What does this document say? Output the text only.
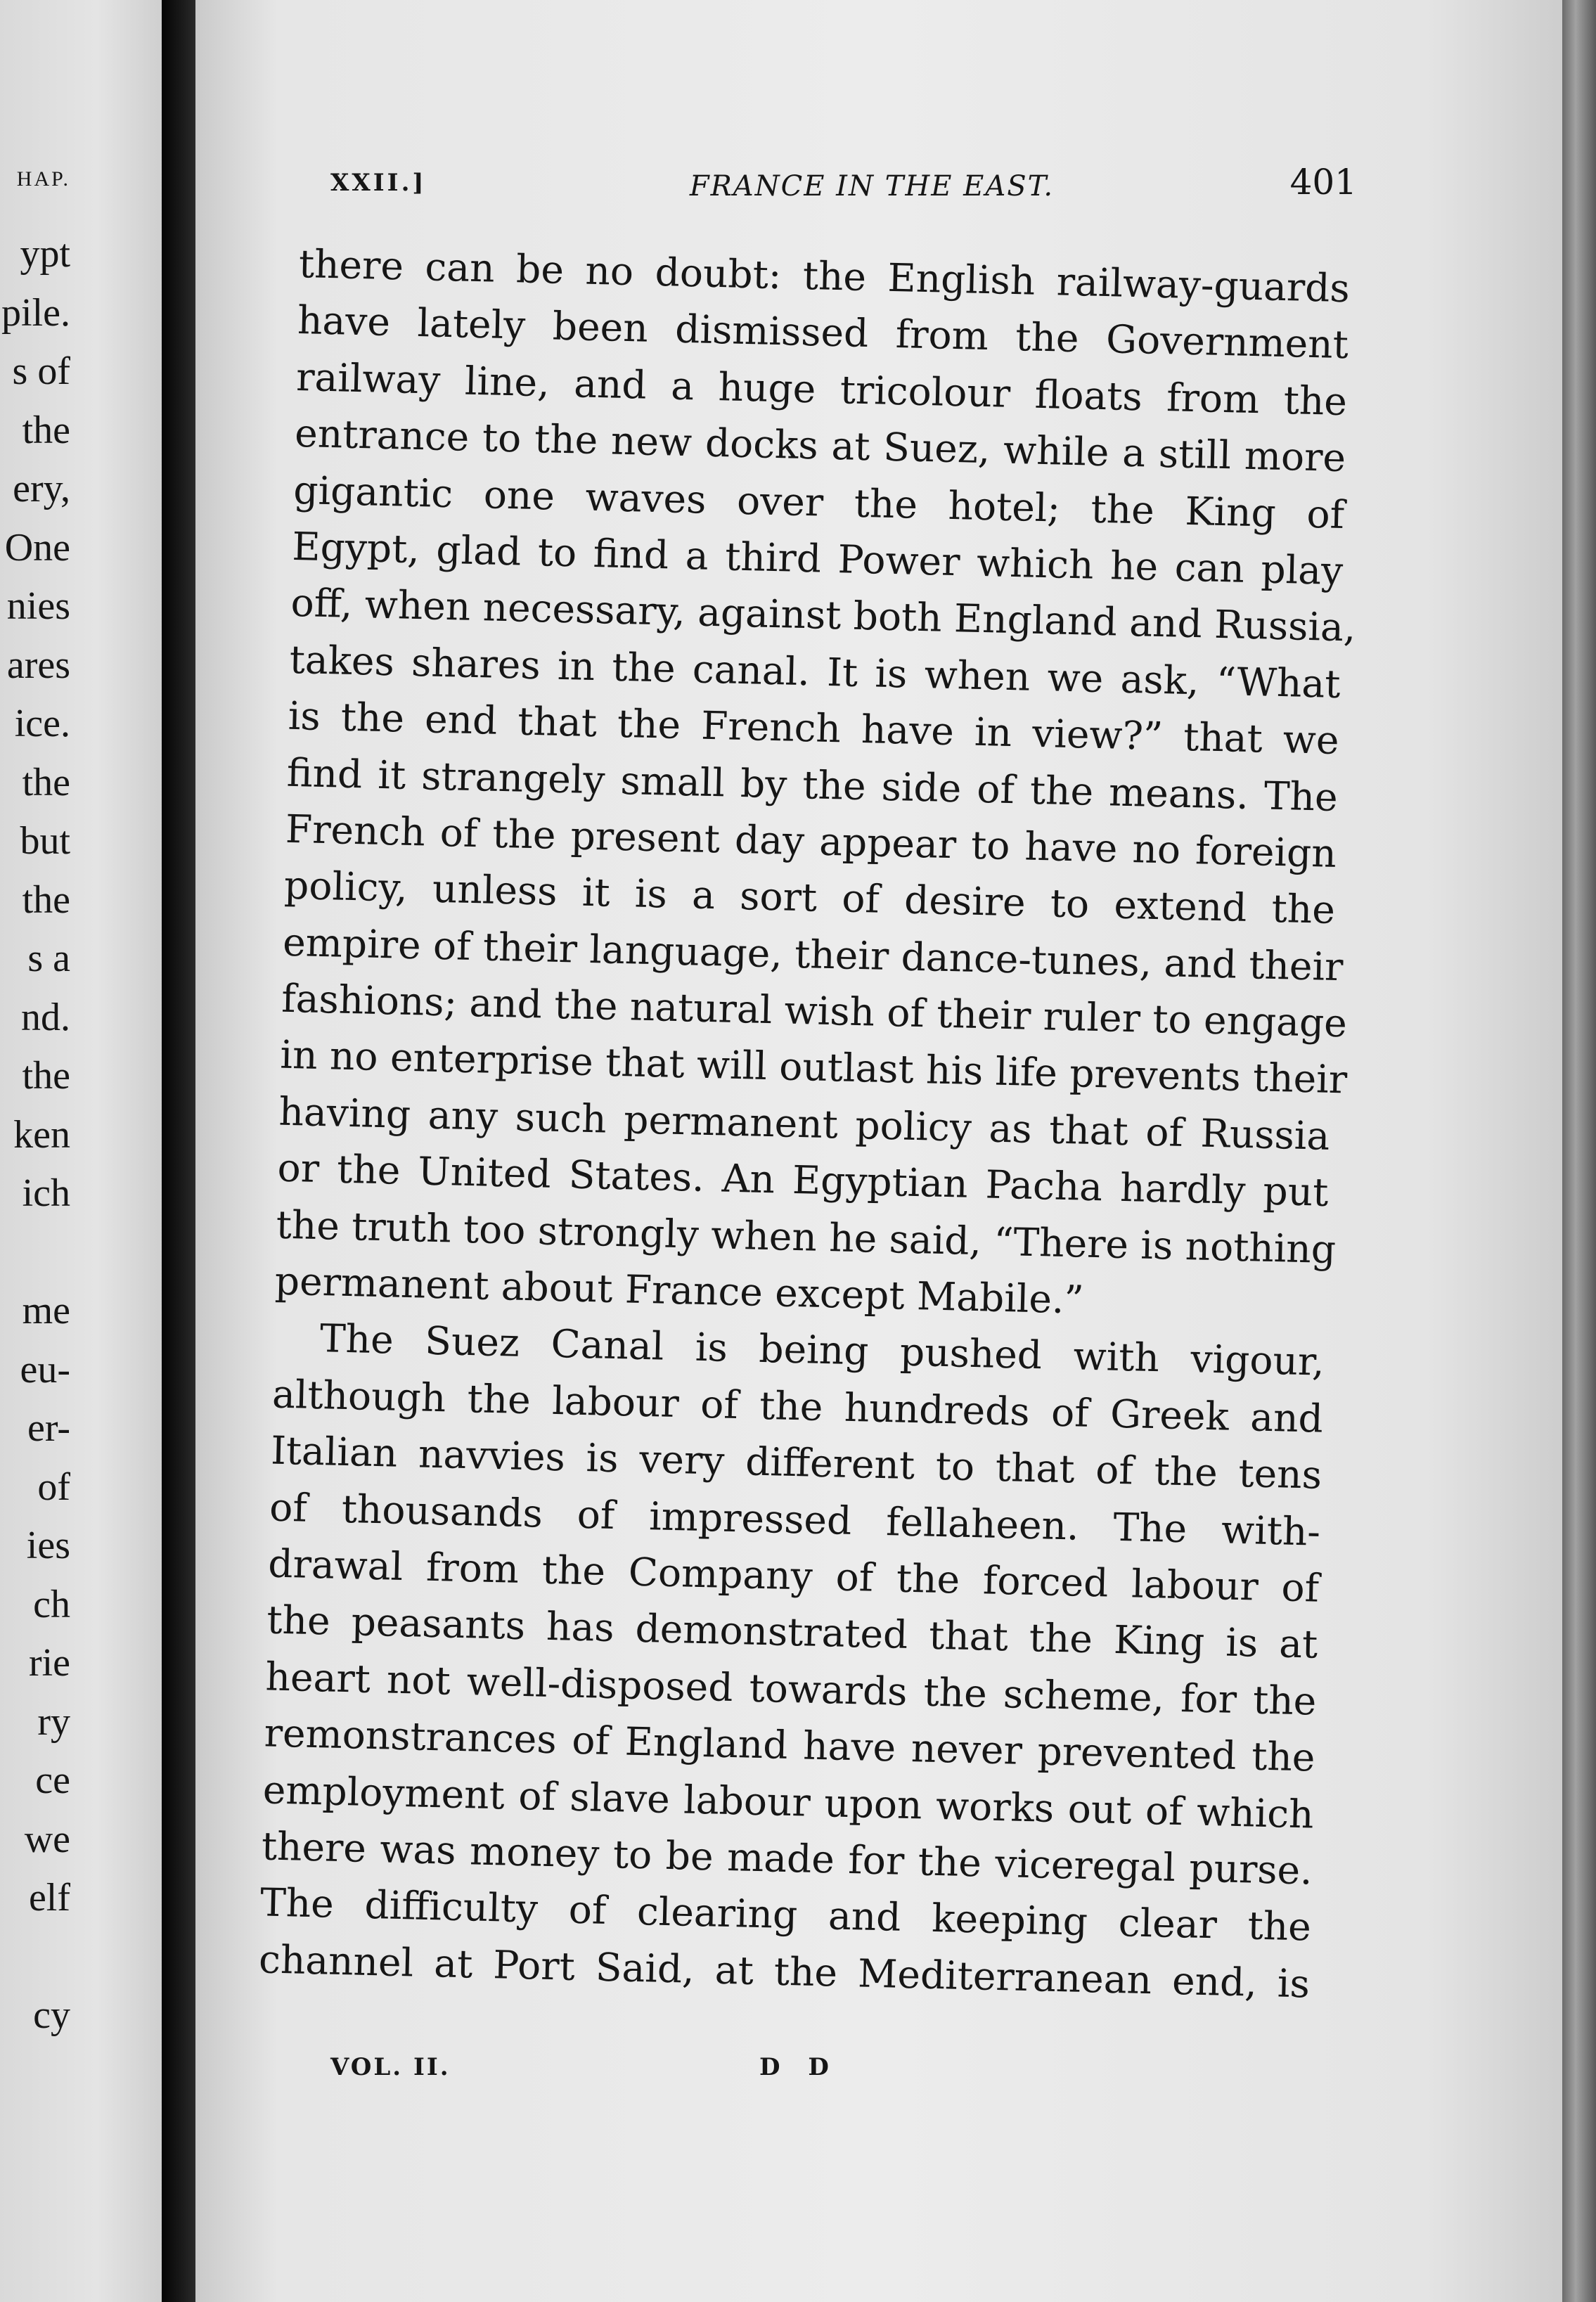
HAP.
ypt
pile.
s of
the
ery,
One
nies
ares
ice.
the
but
the
s a
nd.
the
ken
ich
me
eu-
er-
of
ies
ch
rie
ry
ce
we
elf
cy
XXII.]	FRANCE IN THE EAST.	401

there can be no doubt: the English railway-guards
have lately been dismissed from the Government
railway line, and a huge tricolour floats from the
entrance to the new docks at Suez, while a still more
gigantic one waves over the hotel; the King of
Egypt, glad to find a third Power which he can play
off, when necessary, against both England and Russia,
takes shares in the canal. It is when we ask, “What
is the end that the French have in view?” that we
find it strangely small by the side of the means. The
French of the present day appear to have no foreign
policy, unless it is a sort of desire to extend the
empire of their language, their dance-tunes, and their
fashions; and the natural wish of their ruler to engage
in no enterprise that will outlast his life prevents their
having any such permanent policy as that of Russia
or the United States. An Egyptian Pacha hardly put
the truth too strongly when he said, “There is nothing
permanent about France except Mabile.”

The Suez Canal is being pushed with vigour,
although the labour of the hundreds of Greek and
Italian navvies is very different to that of the tens
of thousands of impressed fellaheen. The with-
drawal from the Company of the forced labour of
the peasants has demonstrated that the King is at
heart not well-disposed towards the scheme, for the
remonstrances of England have never prevented the
employment of slave labour upon works out of which
there was money to be made for the viceregal purse.
The difficulty of clearing and keeping clear the
channel at Port Said, at the Mediterranean end, is

VOL. II.	D D
